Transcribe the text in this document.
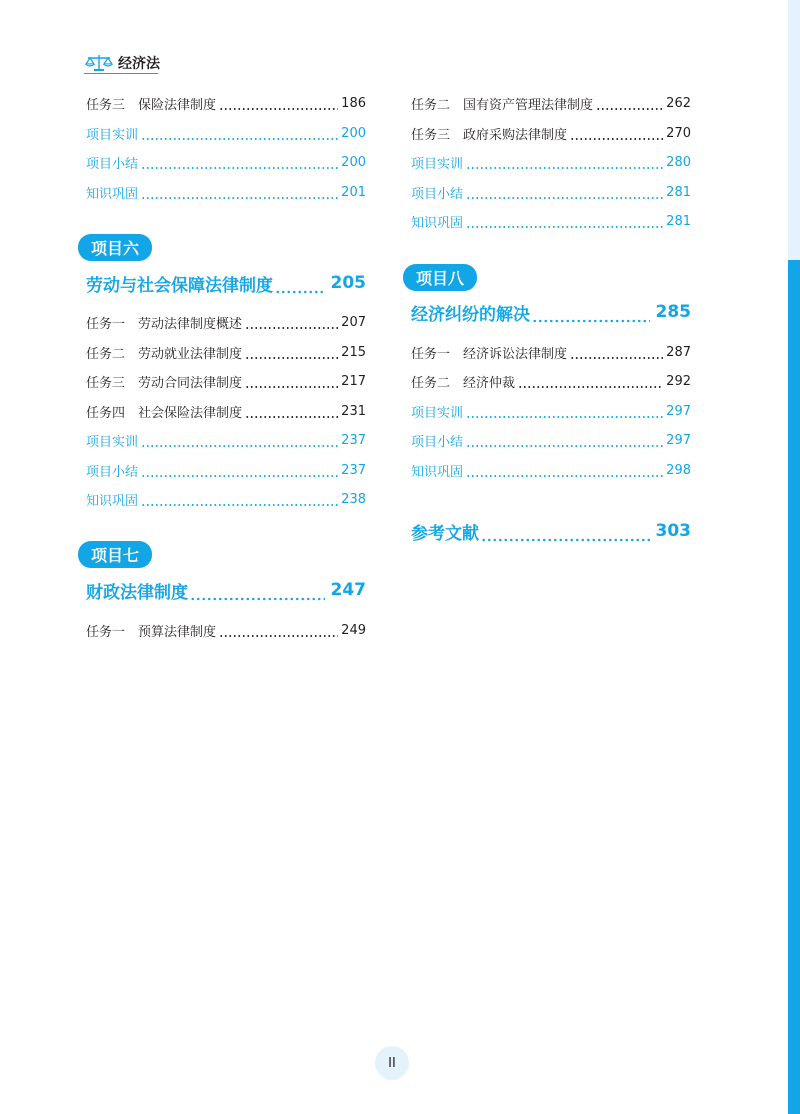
经济法
任务三 保险法律制度	186
项目实训	200
项目小结	200
知识巩固	201
项目六
劳动与社会保障法律制度	205
任务一 劳动法律制度概述	207
任务二 劳动就业法律制度	215
任务三 劳动合同法律制度	217
任务四 社会保险法律制度	231
项目实训	237
项目小结	237
知识巩固	238
项目七
财政法律制度	247
任务一 预算法律制度	249
任务二 国有资产管理法律制度	262
任务三 政府采购法律制度	270
项目实训	280
项目小结	281
知识巩固	281
项目八
经济纠纷的解决	285
任务一 经济诉讼法律制度	287
任务二 经济仲裁	292
项目实训	297
项目小结	297
知识巩固	298
参考文献	303
II
